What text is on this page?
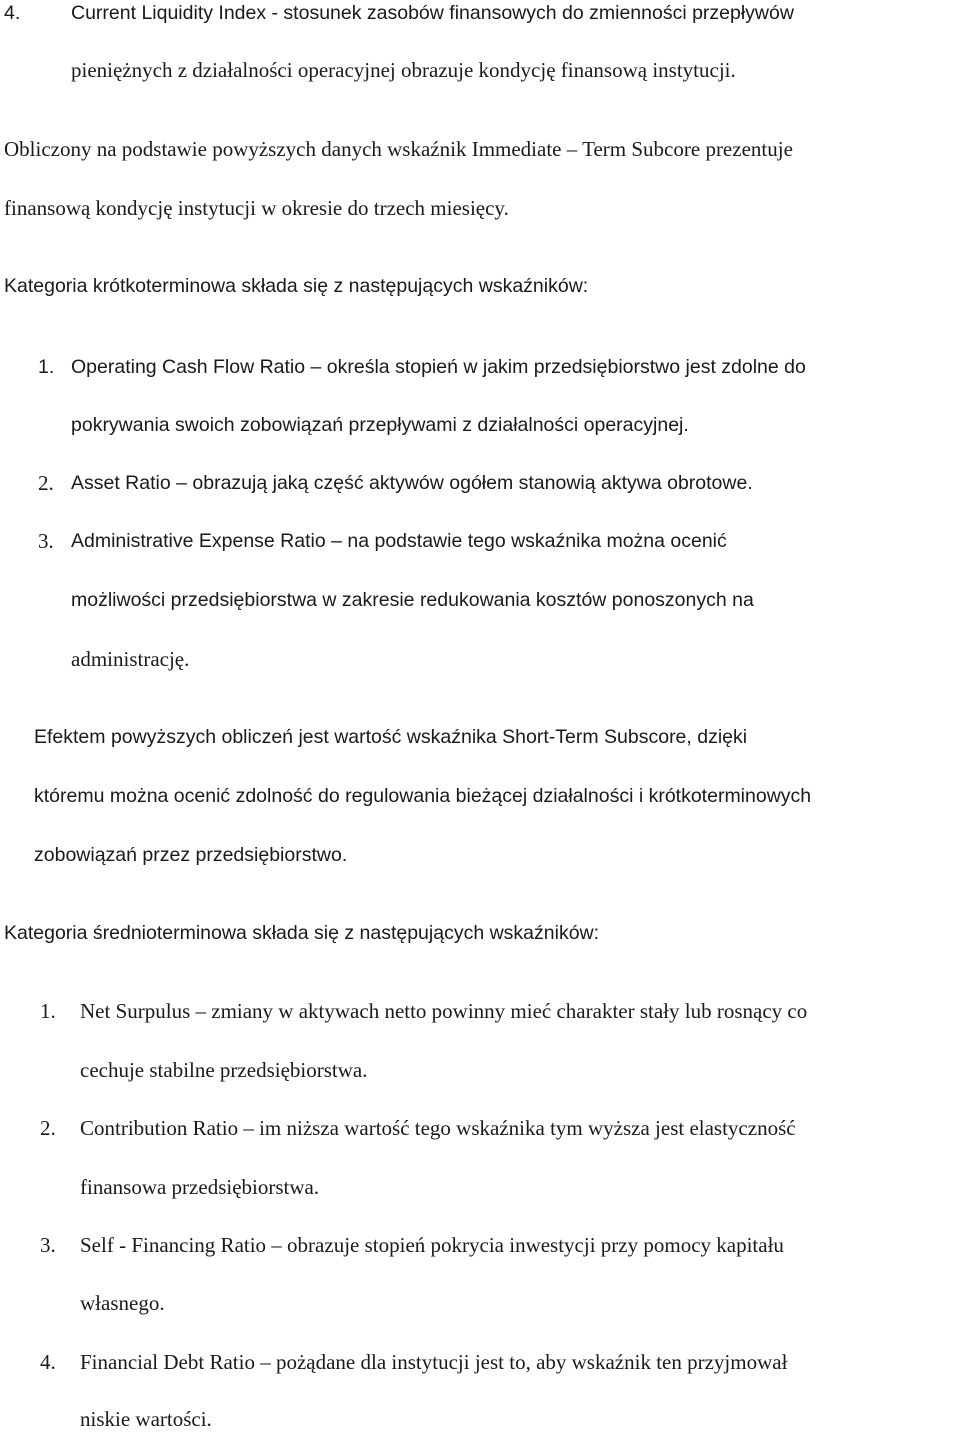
4.	Current Liquidity Index - stosunek zasobów finansowych do zmienności przepływów
pieniężnych z działalności operacyjnej obrazuje kondycję finansową instytucji.
Obliczony na podstawie powyższych danych wskaźnik Immediate – Term Subcore prezentuje
finansową kondycję instytucji w okresie do trzech miesięcy.
Kategoria krótkoterminowa składa się z następujących wskaźników:
1. Operating Cash Flow Ratio – określa stopień w jakim przedsiębiorstwo jest zdolne do
pokrywania swoich zobowiązań przepływami z działalności operacyjnej.
2. Asset Ratio – obrazują jaką część aktywów ogółem stanowią aktywa obrotowe.
3. Administrative Expense Ratio – na podstawie tego wskaźnika można ocenić
możliwości przedsiębiorstwa w zakresie redukowania kosztów ponoszonych na
administrację.
Efektem powyższych obliczeń jest wartość wskaźnika Short-Term Subscore, dzięki
któremu można ocenić zdolność do regulowania bieżącej działalności i krótkoterminowych
zobowiązań przez przedsiębiorstwo.
Kategoria średnioterminowa składa się z następujących wskaźników:
1. Net Surpulus – zmiany w aktywach netto powinny mieć charakter stały lub rosnący co
cechuje stabilne przedsiębiorstwa.
2. Contribution Ratio – im niższa wartość tego wskaźnika tym wyższa jest elastyczność
finansowa przedsiębiorstwa.
3. Self - Financing Ratio – obrazuje stopień pokrycia inwestycji przy pomocy kapitału
własnego.
4. Financial Debt Ratio – pożądane dla instytucji jest to, aby wskaźnik ten przyjmował
niskie wartości.
